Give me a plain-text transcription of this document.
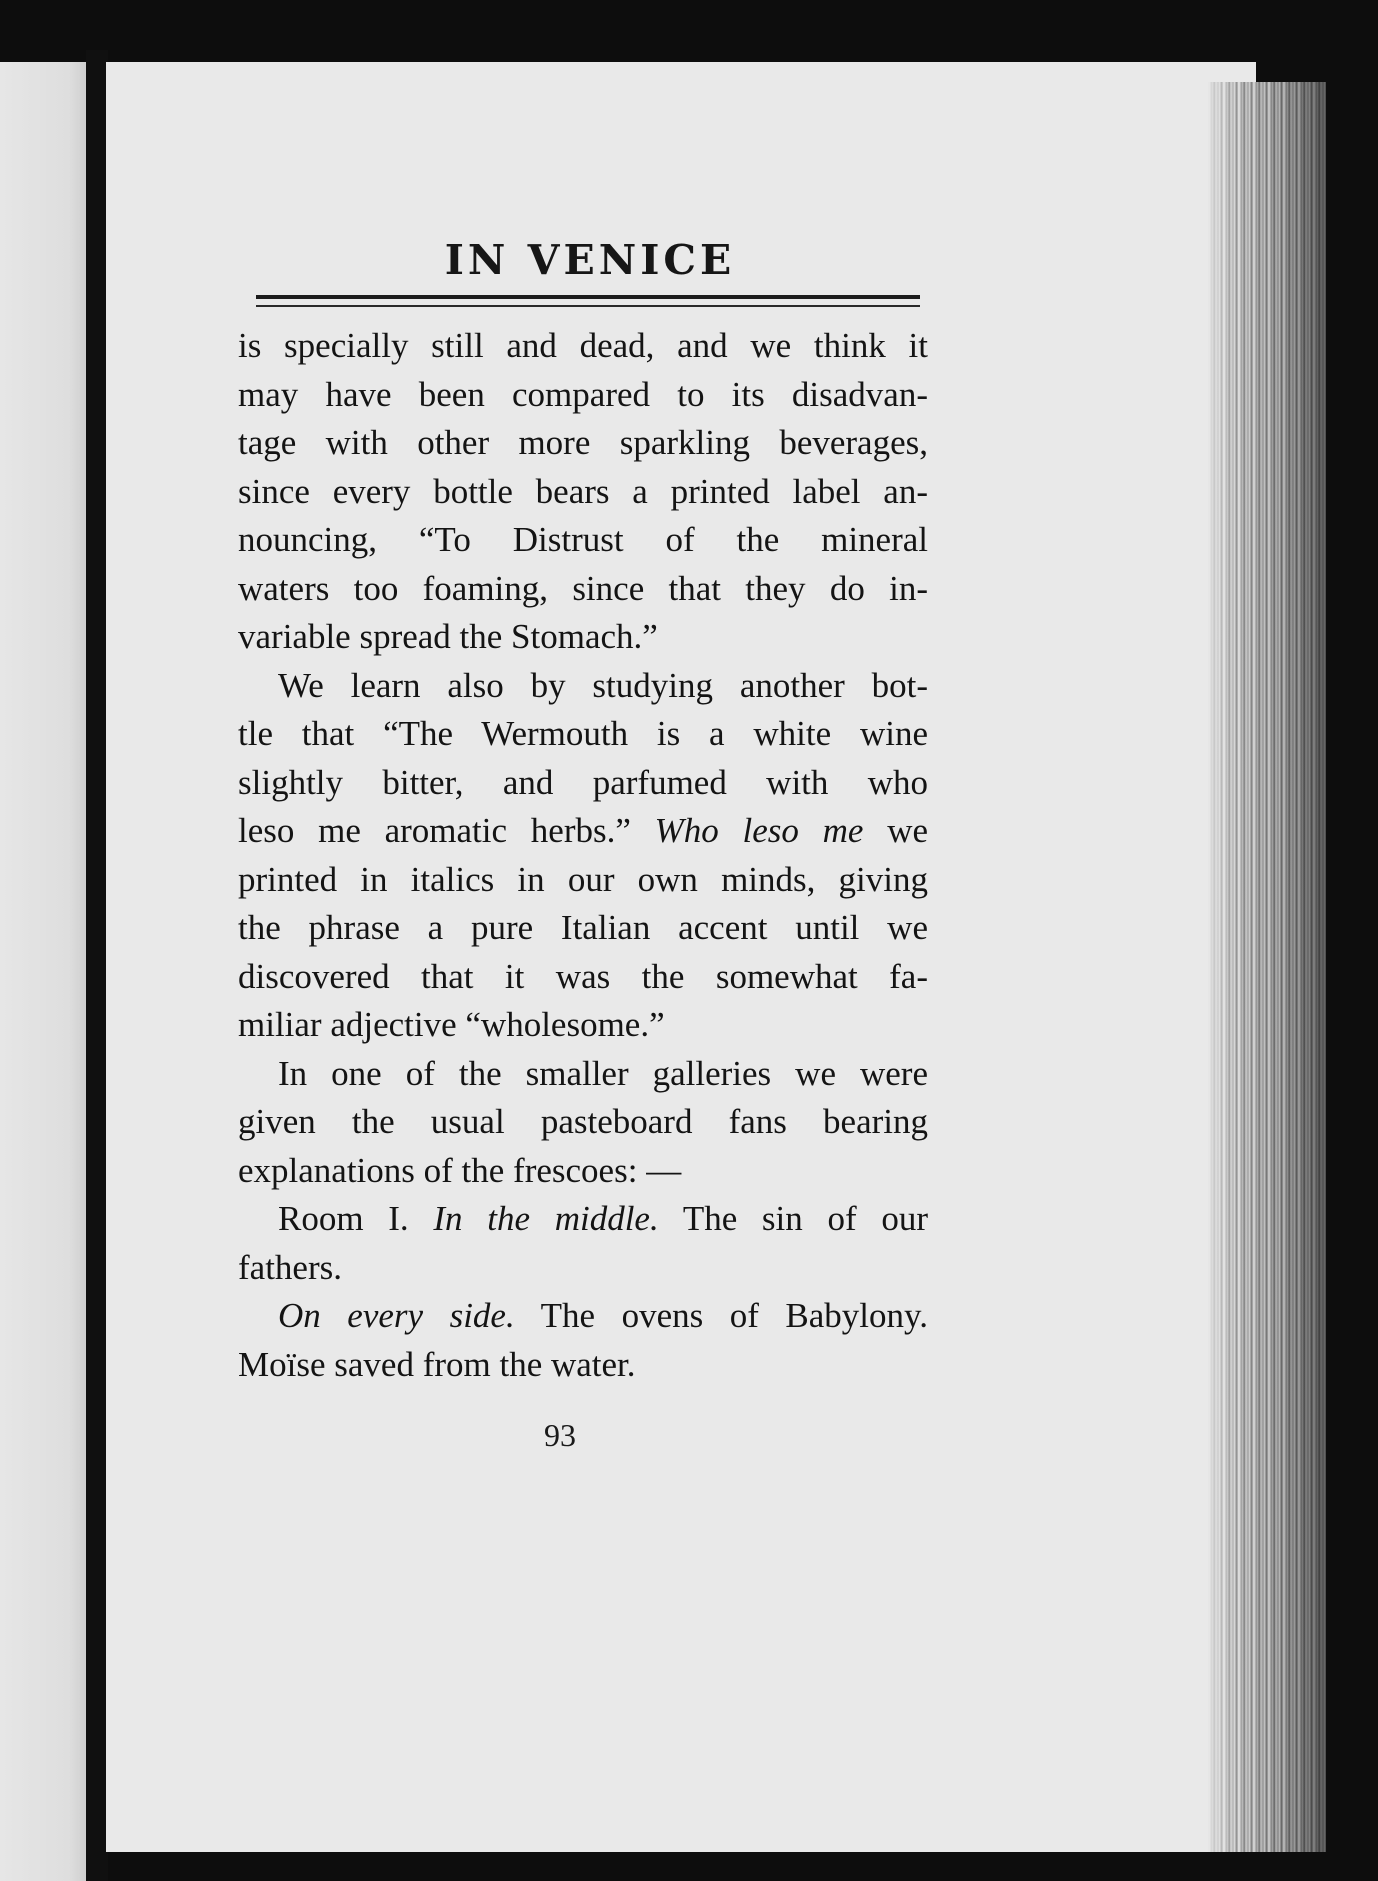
IN VENICE
is specially still and dead, and we think it
may have been compared to its disadvan-
tage with other more sparkling beverages,
since every bottle bears a printed label an-
nouncing, “To Distrust of the mineral
waters too foaming, since that they do in-
variable spread the Stomach.”
We learn also by studying another bot-
tle that “The Wermouth is a white wine
slightly bitter, and parfumed with who
leso me aromatic herbs.” Who leso me we
printed in italics in our own minds, giving
the phrase a pure Italian accent until we
discovered that it was the somewhat fa-
miliar adjective “wholesome.”
In one of the smaller galleries we were
given the usual pasteboard fans bearing
explanations of the frescoes: —
Room I. In the middle. The sin of our
fathers.
On every side. The ovens of Babylony.
Moïse saved from the water.
93
